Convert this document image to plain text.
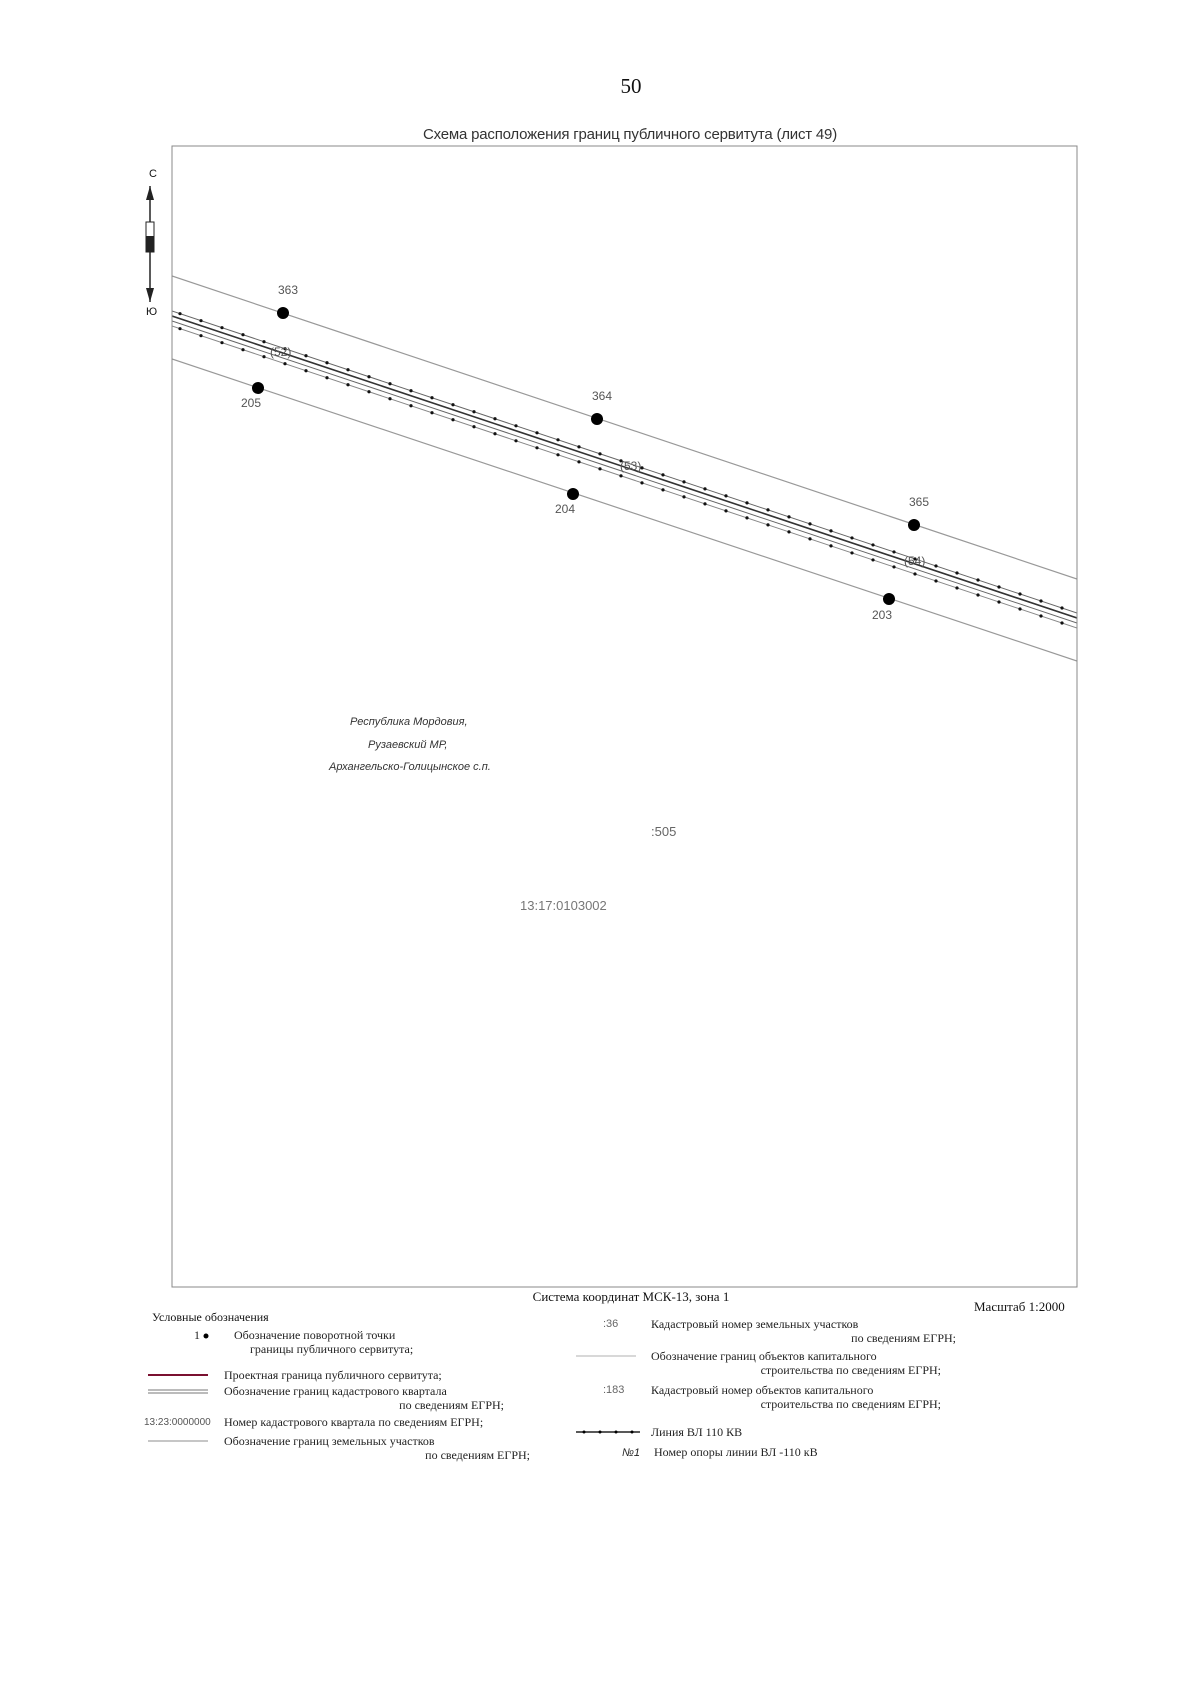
50
Схема расположения границ публичного сервитута (лист 49)
С
Ю
363
364
365
205
204
203
(52)
(53)
(54)
Республика Мордовия,
Рузаевский МР,
Архангельско-Голицынское с.п.
:505
13:17:0103002
Система координат МСК-13, зона 1
Масштаб 1:2000
Условные обозначения
1	Обозначение поворотной точки
границы публичного сервитута;
Проектная граница публичного сервитута;
Обозначение границ кадастрового квартала
по сведениям ЕГРН;
13:23:0000000 Номер кадастрового квартала по сведениям ЕГРН;
Обозначение границ земельных участков
по сведениям ЕГРН;
:36	Кадастровый номер земельных участков
по сведениям ЕГРН;
Обозначение границ объектов капитального
строительства по сведениям ЕГРН;
:183 Кадастровый номер объектов капитального
строительства по сведениям ЕГРН;
Линия ВЛ 110 КВ
№1 Номер опоры линии ВЛ -110 кВ
